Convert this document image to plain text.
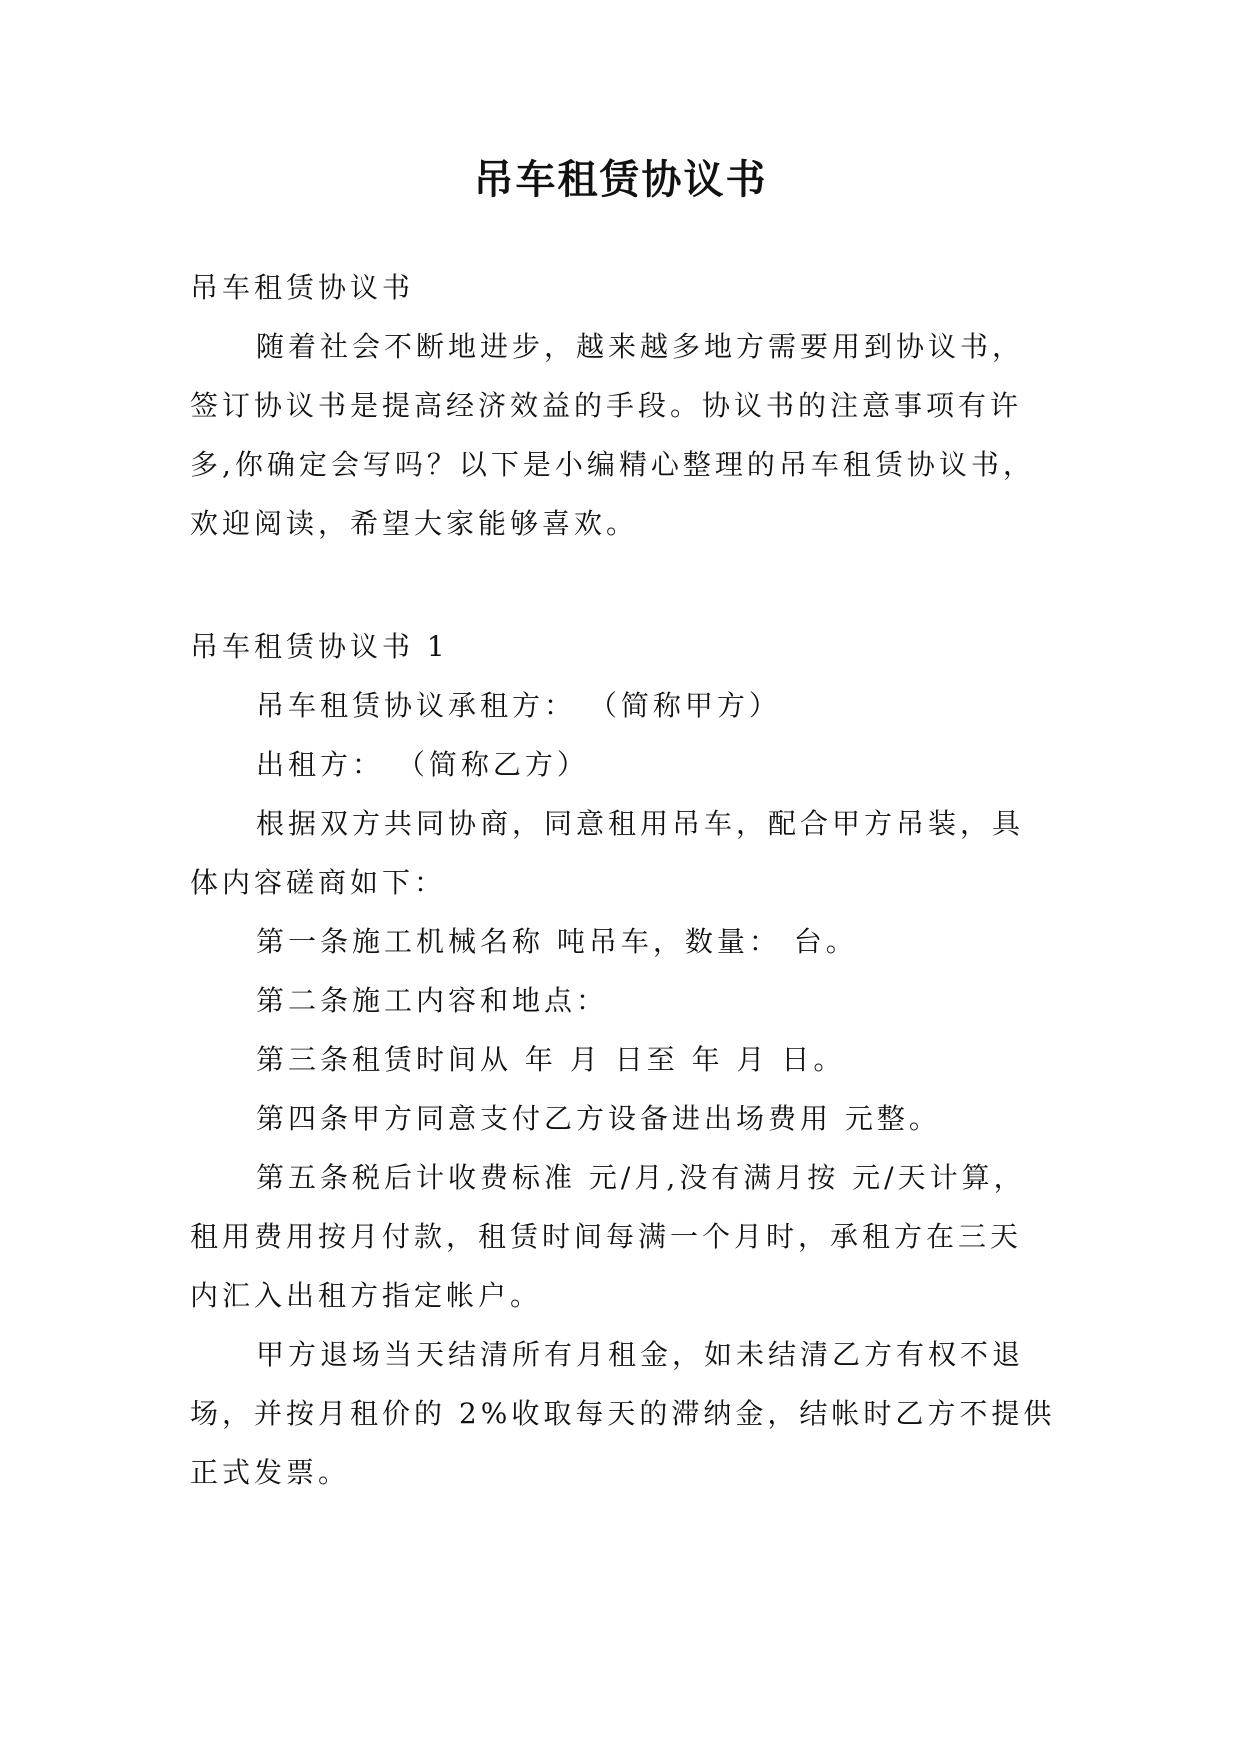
吊车租赁协议书
吊车租赁协议书
随着社会不断地进步，越来越多地方需要用到协议书，
签订协议书是提高经济效益的手段。协议书的注意事项有许
多,你确定会写吗？以下是小编精心整理的吊车租赁协议书，
欢迎阅读，希望大家能够喜欢。
吊车租赁协议书 1
吊车租赁协议承租方： （简称甲方）
出租方： （简称乙方）
根据双方共同协商，同意租用吊车，配合甲方吊装，具
体内容磋商如下：
第一条施工机械名称 吨吊车，数量： 台。
第二条施工内容和地点：
第三条租赁时间从 年 月 日至 年 月 日。
第四条甲方同意支付乙方设备进出场费用 元整。
第五条税后计收费标准 元/月,没有满月按 元/天计算，
租用费用按月付款，租赁时间每满一个月时，承租方在三天
内汇入出租方指定帐户。
甲方退场当天结清所有月租金，如未结清乙方有权不退
场，并按月租价的 2%收取每天的滞纳金，结帐时乙方不提供
正式发票。
